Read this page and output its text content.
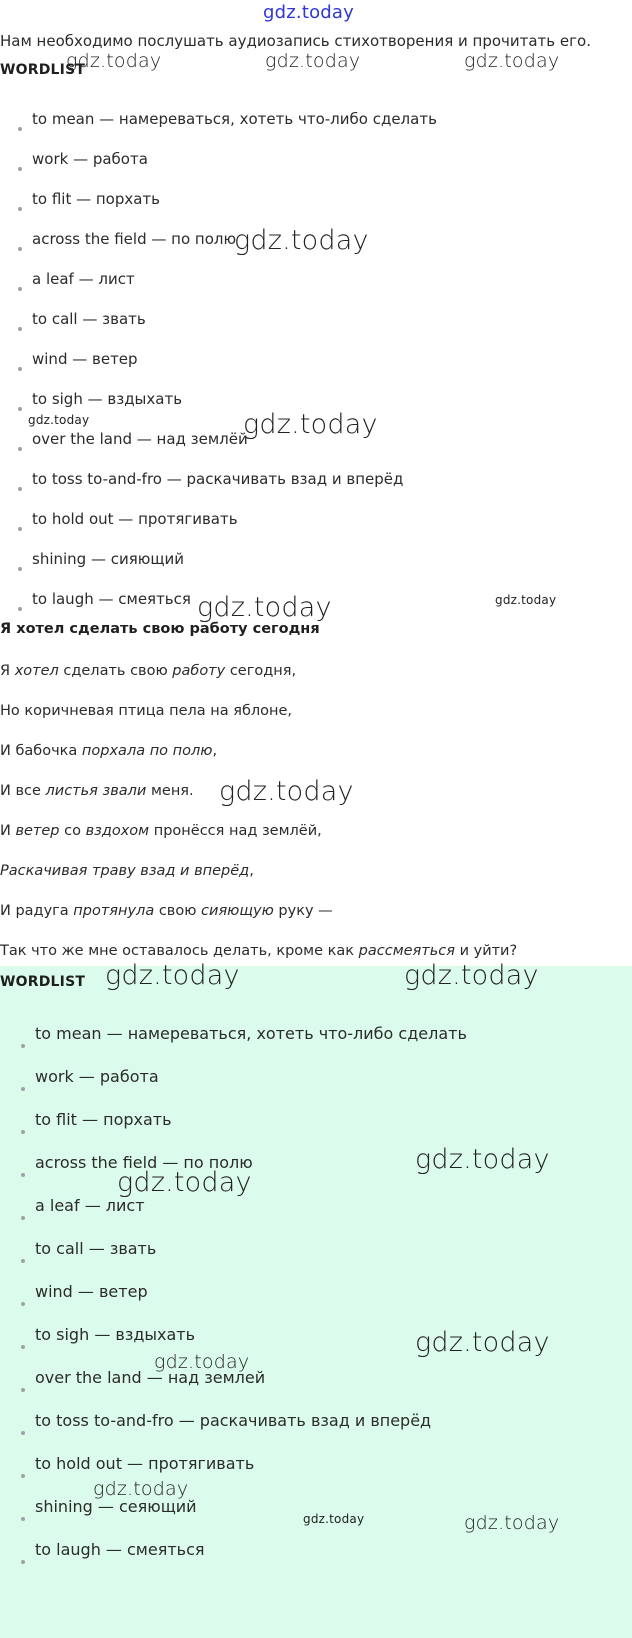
Нам необходимо послушать аудиозапись стихотворения и прочитать его.
WORDLIST
to mean — намереваться, хотеть что-либо сделать
work — работа
to flit — порхать
across the field — по полю
a leaf — лист
to call — звать
wind — ветер
to sigh — вздыхать
over the land — над землёй
to toss to-and-fro — раскачивать взад и вперёд
to hold out — протягивать
shining — сияющий
to laugh — смеяться
Я хотел сделать свою работу сегодня
Я хотел сделать свою работу сегодня,
Но коричневая птица пела на яблоне,
И бабочка порхала по полю,
И все листья звали меня.
И ветер со вздохом пронёсся над землёй,
Раскачивая траву взад и вперёд,
И радуга протянула свою сияющую руку —
Так что же мне оставалось делать, кроме как рассмеяться и уйти?
WORDLIST
to mean — намереваться, хотеть что-либо сделать
work — работа
to flit — порхать
across the field — по полю
a leaf — лист
to call — звать
wind — ветер
to sigh — вздыхать
over the land — над землей
to toss to-and-fro — раскачивать взад и вперёд
to hold out — протягивать
shining — сеяющий
to laugh — смеяться
gdz.today
gdz.today	gdz.today	gdz.today
gdz.today
gdz.today	gdz.today
gdz.today	gdz.today
gdz.today
gdz.today	gdz.today
gdz.today
gdz.today
gdz.today
gdz.today
gdz.today
gdz.today	gdz.today
